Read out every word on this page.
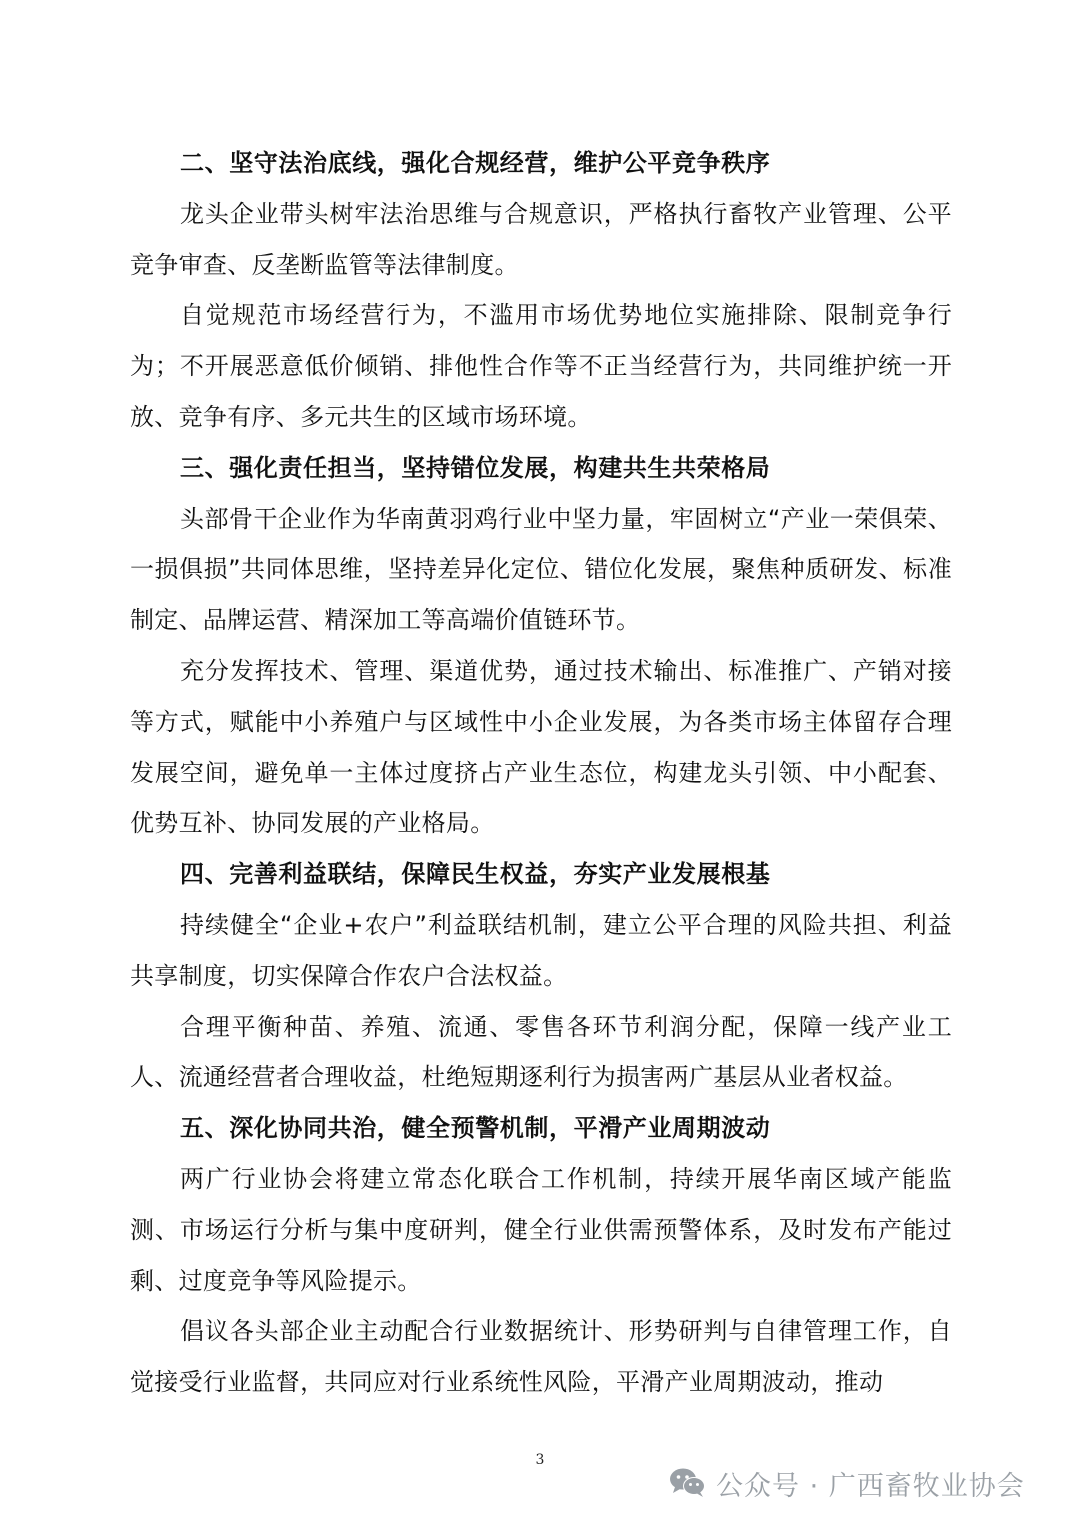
二、坚守法治底线，强化合规经营，维护公平竞争秩序

龙头企业带头树牢法治思维与合规意识，严格执行畜牧产业管理、公平竞争审查、反垄断监管等法律制度。

自觉规范市场经营行为，不滥用市场优势地位实施排除、限制竞争行为；不开展恶意低价倾销、排他性合作等不正当经营行为，共同维护统一开放、竞争有序、多元共生的区域市场环境。

三、强化责任担当，坚持错位发展，构建共生共荣格局

头部骨干企业作为华南黄羽鸡行业中坚力量，牢固树立“产业一荣俱荣、一损俱损”共同体思维，坚持差异化定位、错位化发展，聚焦种质研发、标准制定、品牌运营、精深加工等高端价值链环节。

充分发挥技术、管理、渠道优势，通过技术输出、标准推广、产销对接等方式，赋能中小养殖户与区域性中小企业发展，为各类市场主体留存合理发展空间，避免单一主体过度挤占产业生态位，构建龙头引领、中小配套、优势互补、协同发展的产业格局。

四、完善利益联结，保障民生权益，夯实产业发展根基

持续健全“企业+农户”利益联结机制，建立公平合理的风险共担、利益共享制度，切实保障合作农户合法权益。

合理平衡种苗、养殖、流通、零售各环节利润分配，保障一线产业工人、流通经营者合理收益，杜绝短期逐利行为损害两广基层从业者权益。

五、深化协同共治，健全预警机制，平滑产业周期波动

两广行业协会将建立常态化联合工作机制，持续开展华南区域产能监测、市场运行分析与集中度研判，健全行业供需预警体系，及时发布产能过剩、过度竞争等风险提示。

倡议各头部企业主动配合行业数据统计、形势研判与自律管理工作，自觉接受行业监督，共同应对行业系统性风险，平滑产业周期波动，推动

3
公众号 · 广西畜牧业协会
